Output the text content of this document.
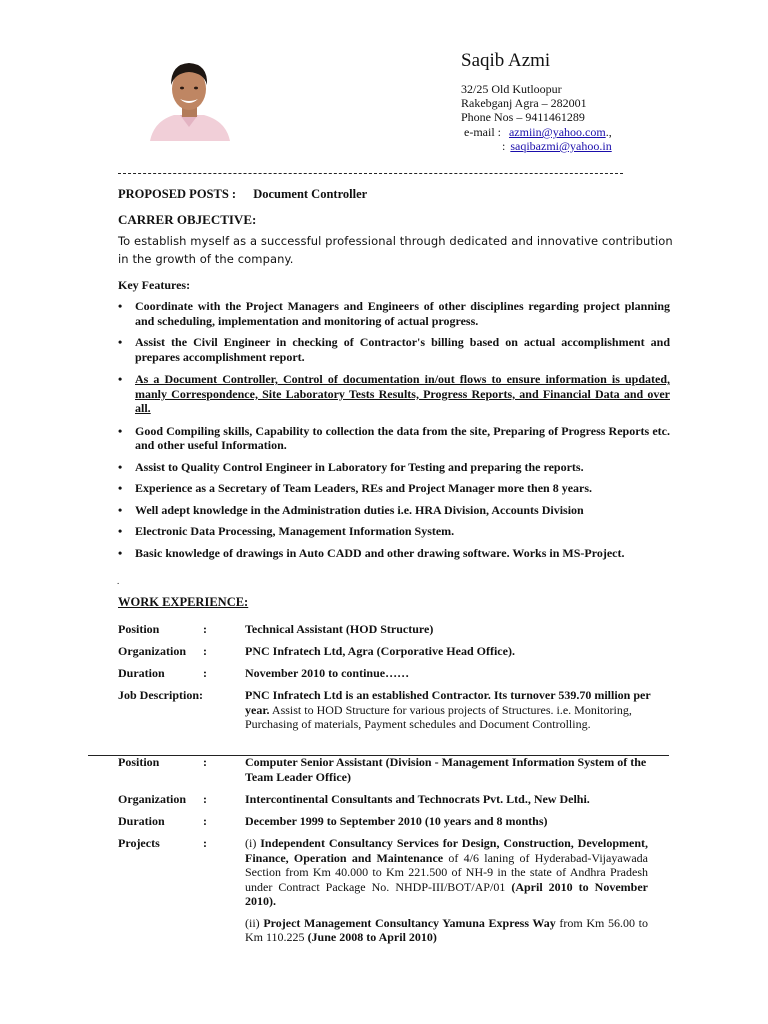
Saqib Azmi
32/25 Old Kutloopur
Rakebganj Agra – 282001
Phone Nos – 9411461289
e-mail : azmiin@yahoo.com.,
: saqibazmi@yahoo.in
PROPOSED POSTS : Document Controller
CARRER OBJECTIVE:
To establish myself as a successful professional through dedicated and innovative contribution in the growth of the company.
Key Features:
• Coordinate with the Project Managers and Engineers of other disciplines regarding project planning and scheduling, implementation and monitoring of actual progress.
• Assist the Civil Engineer in checking of Contractor's billing based on actual accomplishment and prepares accomplishment report.
• As a Document Controller, Control of documentation in/out flows to ensure information is updated, manly Correspondence, Site Laboratory Tests Results, Progress Reports, and Financial Data and over all.
• Good Compiling skills, Capability to collection the data from the site, Preparing of Progress Reports etc. and other useful Information.
• Assist to Quality Control Engineer in Laboratory for Testing and preparing the reports.
• Experience as a Secretary of Team Leaders, REs and Project Manager more then 8 years.
• Well adept knowledge in the Administration duties i.e. HRA Division, Accounts Division
• Electronic Data Processing, Management Information System.
• Basic knowledge of drawings in Auto CADD and other drawing software. Works in MS-Project.
.
WORK EXPERIENCE:
Position	:	Technical Assistant (HOD Structure)
Organization :	PNC Infratech Ltd, Agra (Corporative Head Office).
Duration	:	November 2010 to continue……
Job Description:	PNC Infratech Ltd is an established Contractor. Its turnover 539.70 million per year. Assist to HOD Structure for various projects of Structures. i.e. Monitoring, Purchasing of materials, Payment schedules and Document Controlling.
Position	:	Computer Senior Assistant (Division - Management Information System of the Team Leader Office)
Organization :	Intercontinental Consultants and Technocrats Pvt. Ltd., New Delhi.
Duration	:	December 1999 to September 2010 (10 years and 8 months)
Projects	:	(i) Independent Consultancy Services for Design, Construction, Development, Finance, Operation and Maintenance of 4/6 laning of Hyderabad-Vijayawada Section from Km 40.000 to Km 221.500 of NH-9 in the state of Andhra Pradesh under Contract Package No. NHDP-III/BOT/AP/01 (April 2010 to November 2010).
(ii) Project Management Consultancy Yamuna Express Way from Km 56.00 to Km 110.225 (June 2008 to April 2010)
